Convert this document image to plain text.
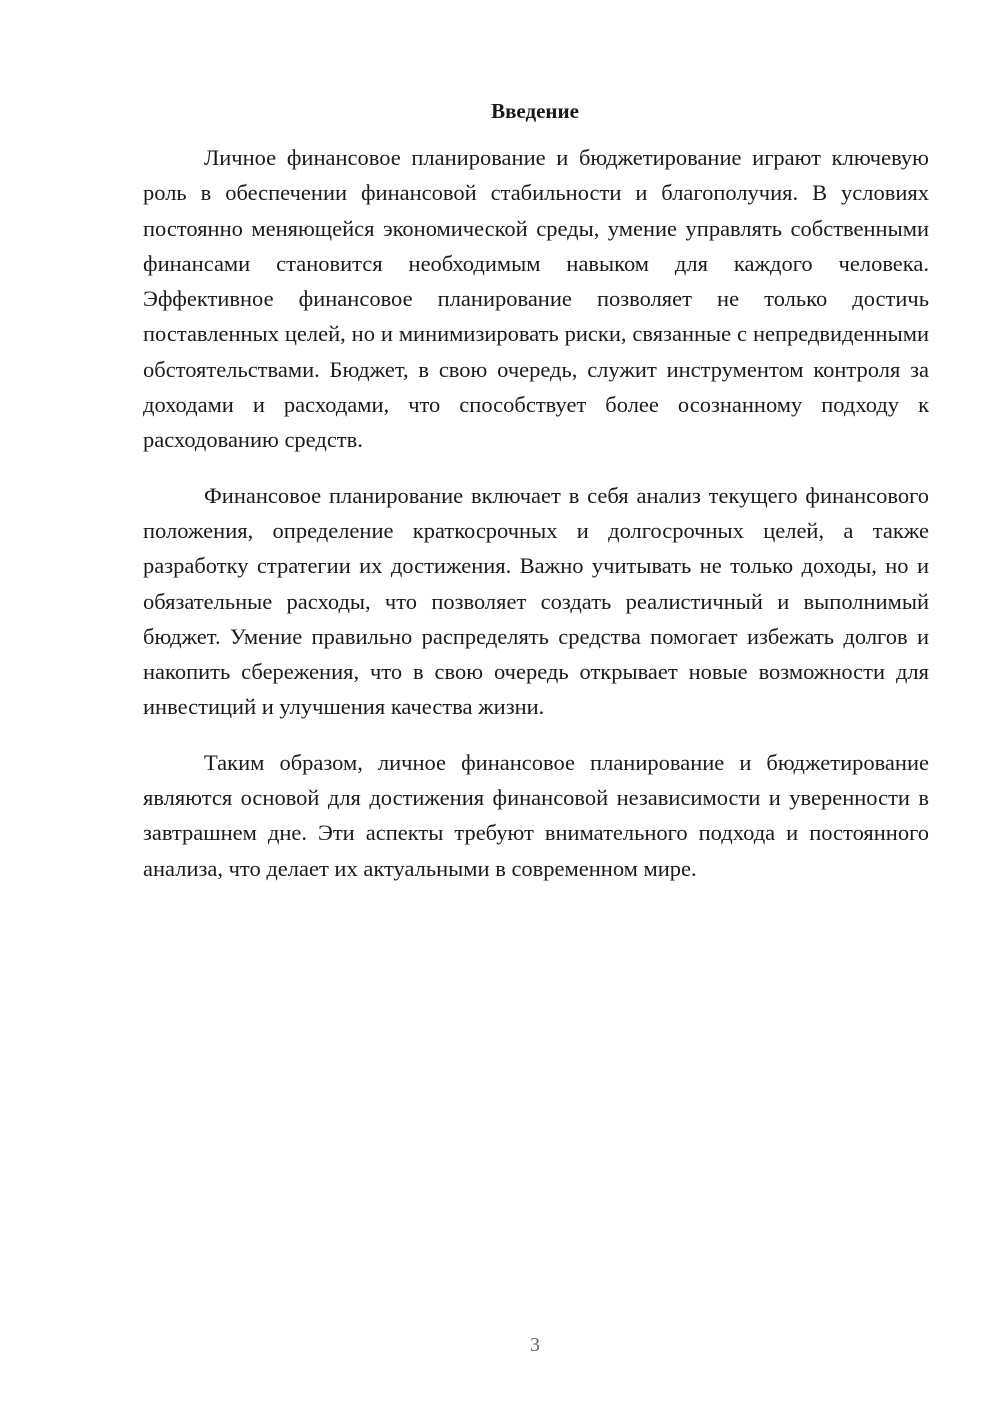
Введение

Личное финансовое планирование и бюджетирование играют ключевую роль в обеспечении финансовой стабильности и благополучия. В условиях постоянно меняющейся экономической среды, умение управлять собственными финансами становится необходимым навыком для каждого человека. Эффективное финансовое планирование позволяет не только достичь поставленных целей, но и минимизировать риски, связанные с непредвиденными обстоятельствами. Бюджет, в свою очередь, служит инструментом контроля за доходами и расходами, что способствует более осознанному подходу к расходованию средств.

Финансовое планирование включает в себя анализ текущего финансового положения, определение краткосрочных и долгосрочных целей, а также разработку стратегии их достижения. Важно учитывать не только доходы, но и обязательные расходы, что позволяет создать реалистичный и выполнимый бюджет. Умение правильно распределять средства помогает избежать долгов и накопить сбережения, что в свою очередь открывает новые возможности для инвестиций и улучшения качества жизни.

Таким образом, личное финансовое планирование и бюджетирование являются основой для достижения финансовой независимости и уверенности в завтрашнем дне. Эти аспекты требуют внимательного подхода и постоянного анализа, что делает их актуальными в современном мире.

3
